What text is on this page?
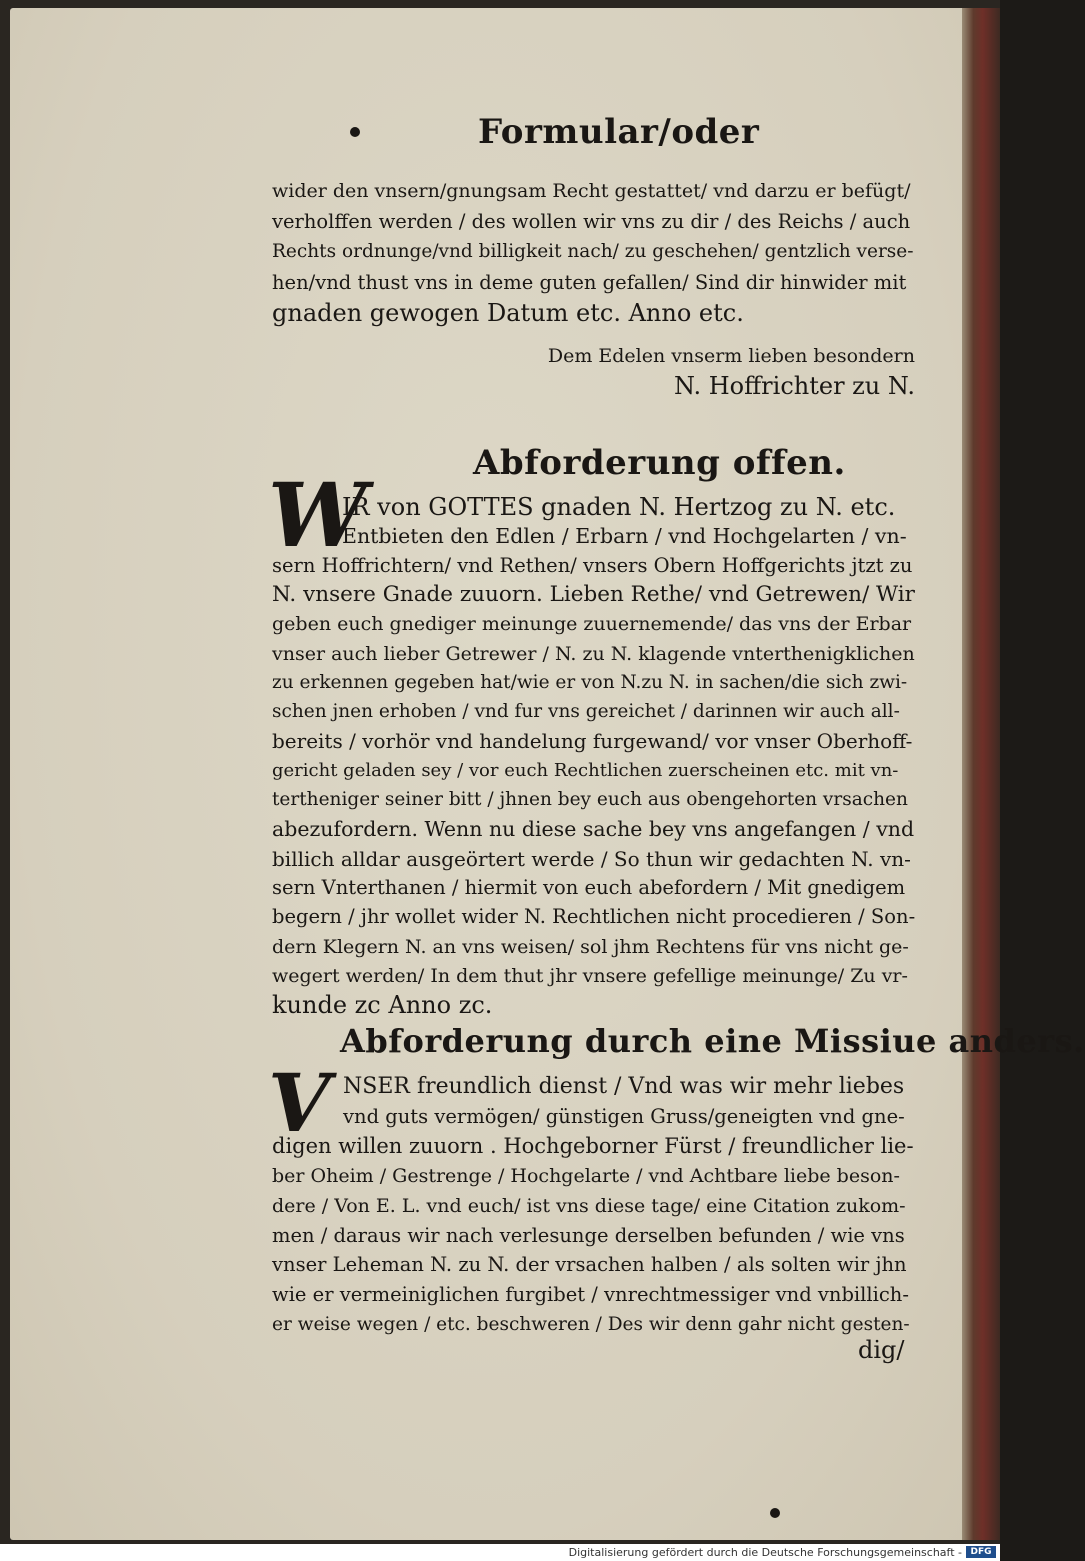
Formular/oder
wider den vnsern/gnungsam Recht gestattet/ vnd darzu er befügt/
verholffen werden / des wollen wir vns zu dir / des Reichs / auch
Rechts ordnunge/vnd billigkeit nach/ zu geschehen/ gentzlich verse-
hen/vnd thust vns in deme guten gefallen/ Sind dir hinwider mit
gnaden gewogen Datum etc. Anno etc.
Dem Edelen vnserm lieben besondern
N. Hoffrichter zu N.
Abforderung offen.
W
IR von GOTTES gnaden N. Hertzog zu N. etc.
Entbieten den Edlen / Erbarn / vnd Hochgelarten / vn-
sern Hoffrichtern/ vnd Rethen/ vnsers Obern Hoffgerichts jtzt zu
N. vnsere Gnade zuuorn. Lieben Rethe/ vnd Getrewen/ Wir
geben euch gnediger meinunge zuuernemende/ das vns der Erbar
vnser auch lieber Getrewer / N. zu N. klagende vnterthenigklichen
zu erkennen gegeben hat/wie er von N.zu N. in sachen/die sich zwi-
schen jnen erhoben / vnd fur vns gereichet / darinnen wir auch all-
bereits / vorhör vnd handelung furgewand/ vor vnser Oberhoff-
gericht geladen sey / vor euch Rechtlichen zuerscheinen etc. mit vn-
tertheniger seiner bitt / jhnen bey euch aus obengehorten vrsachen
abezufordern. Wenn nu diese sache bey vns angefangen / vnd
billich alldar ausgeörtert werde / So thun wir gedachten N. vn-
sern Vnterthanen / hiermit von euch abefordern / Mit gnedigem
begern / jhr wollet wider N. Rechtlichen nicht procedieren / Son-
dern Klegern N. an vns weisen/ sol jhm Rechtens für vns nicht ge-
wegert werden/ In dem thut jhr vnsere gefellige meinunge/ Zu vr-
kunde zc Anno zc.
Abforderung durch eine Missiue anders.
V NSER freundlich dienst / Vnd was wir mehr liebes
vnd guts vermögen/ günstigen Gruss/geneigten vnd gne-
digen willen zuuorn . Hochgeborner Fürst / freundlicher lie-
ber Oheim / Gestrenge / Hochgelarte / vnd Achtbare liebe beson-
dere / Von E. L. vnd euch/ ist vns diese tage/ eine Citation zukom-
men / daraus wir nach verlesunge derselben befunden / wie vns
vnser Leheman N. zu N. der vrsachen halben / als solten wir jhn
wie er vermeiniglichen furgibet / vnrechtmessiger vnd vnbillich-
er weise wegen / etc. beschweren / Des wir denn gahr nicht gesten-
dig/
Digitalisierung gefördert durch die Deutsche Forschungsgemeinschaft - DFG
